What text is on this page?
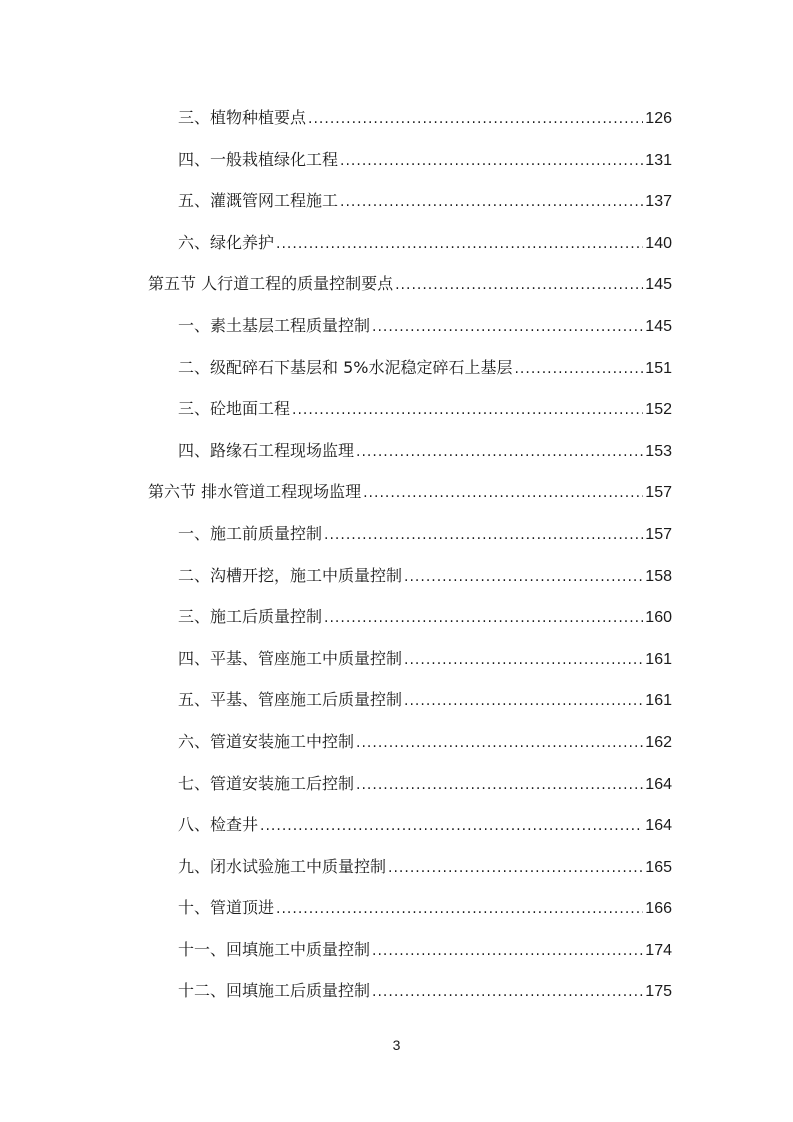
三、植物种植要点 .....	126
四、一般栽植绿化工程 .....	131
五、灌溉管网工程施工 .....	137
六、绿化养护 .....	140
第五节 人行道工程的质量控制要点 .....	145
一、素土基层工程质量控制 .....	145
二、级配碎石下基层和 5%水泥稳定碎石上基层 .....	151
三、砼地面工程 .....	152
四、路缘石工程现场监理 .....	153
第六节 排水管道工程现场监理 .....	157
一、施工前质量控制 .....	157
二、沟槽开挖，施工中质量控制 .....	158
三、施工后质量控制 .....	160
四、平基、管座施工中质量控制 .....	161
五、平基、管座施工后质量控制 .....	161
六、管道安装施工中控制 .....	162
七、管道安装施工后控制 .....	164
八、检查井 .....	164
九、闭水试验施工中质量控制 .....	165
十、管道顶进 .....	166
十一、回填施工中质量控制 .....	174
十二、回填施工后质量控制 .....	175
3
